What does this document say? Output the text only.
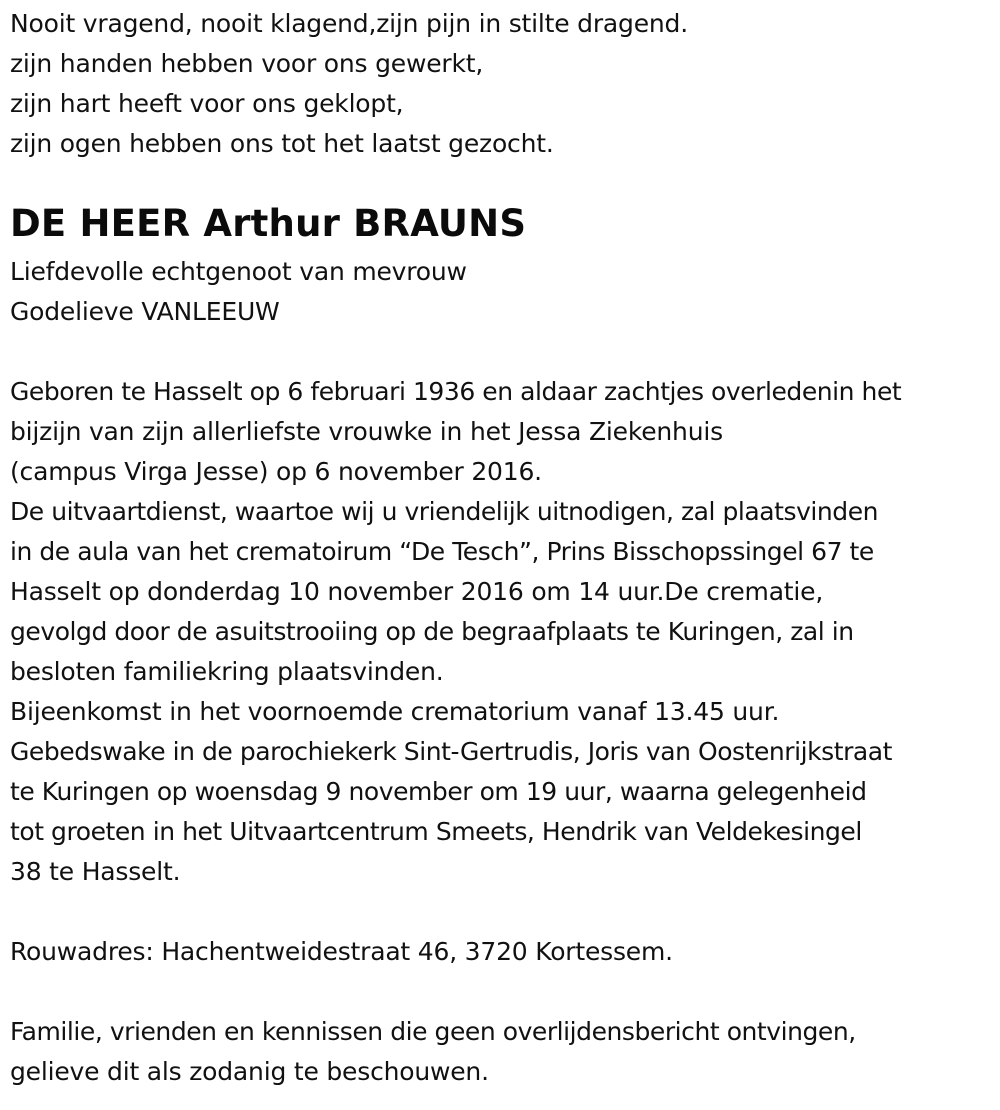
Nooit vragend, nooit klagend,zijn pijn in stilte dragend.
zijn handen hebben voor ons gewerkt,
zijn hart heeft voor ons geklopt,
zijn ogen hebben ons tot het laatst gezocht.
DE HEER Arthur BRAUNS
Liefdevolle echtgenoot van mevrouw
Godelieve VANLEEUW
Geboren te Hasselt op 6 februari 1936 en aldaar zachtjes overledenin het
bijzijn van zijn allerliefste vrouwke in het Jessa Ziekenhuis
(campus Virga Jesse) op 6 november 2016.
De uitvaartdienst, waartoe wij u vriendelijk uitnodigen, zal plaatsvinden
in de aula van het crematoirum “De Tesch”, Prins Bisschopssingel 67 te
Hasselt op donderdag 10 november 2016 om 14 uur.De crematie,
gevolgd door de asuitstrooiing op de begraafplaats te Kuringen, zal in
besloten familiekring plaatsvinden.
Bijeenkomst in het voornoemde crematorium vanaf 13.45 uur.
Gebedswake in de parochiekerk Sint-Gertrudis, Joris van Oostenrijkstraat
te Kuringen op woensdag 9 november om 19 uur, waarna gelegenheid
tot groeten in het Uitvaartcentrum Smeets, Hendrik van Veldekesingel
38 te Hasselt.
Rouwadres: Hachentweidestraat 46, 3720 Kortessem.
Familie, vrienden en kennissen die geen overlijdensbericht ontvingen,
gelieve dit als zodanig te beschouwen.
